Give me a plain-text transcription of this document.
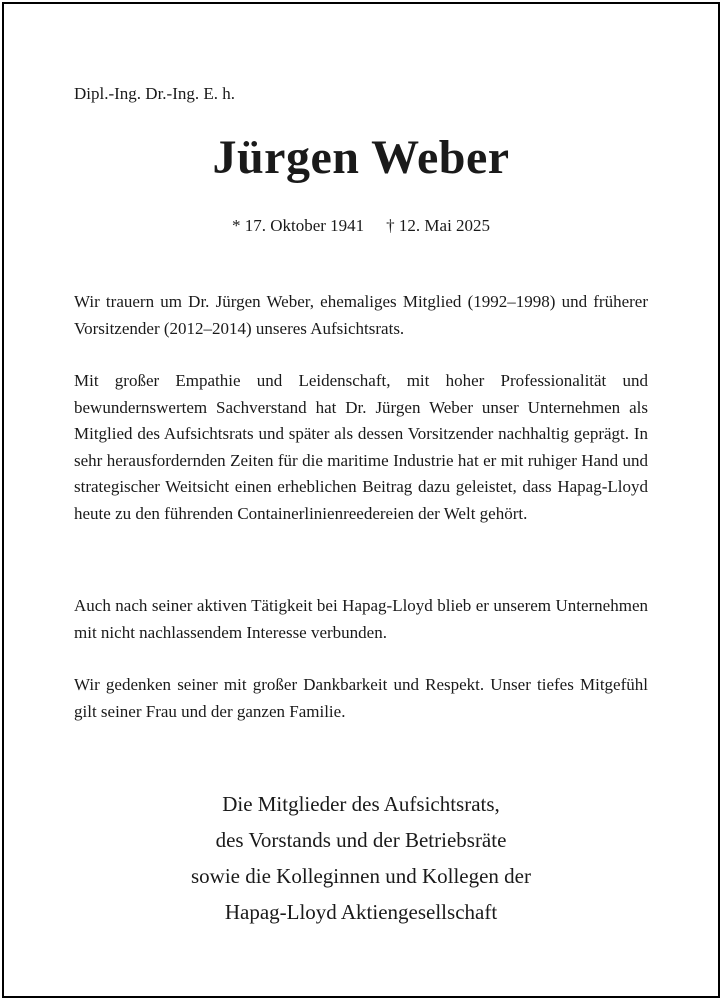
Dipl.-Ing. Dr.-Ing. E. h.
Jürgen Weber
* 17. Oktober 1941 † 12. Mai 2025

Wir trauern um Dr. Jürgen Weber, ehemaliges Mitglied (1992–1998) und früherer Vorsitzender (2012–2014) unseres Aufsichtsrats.

Mit großer Empathie und Leidenschaft, mit hoher Professionalität und bewundernswertem Sachverstand hat Dr. Jürgen Weber unser Unternehmen als Mitglied des Aufsichtsrats und später als dessen Vorsitzender nachhaltig geprägt. In sehr herausfordernden Zeiten für die maritime Industrie hat er mit ruhiger Hand und strategischer Weitsicht einen erheblichen Beitrag dazu geleistet, dass Hapag-Lloyd heute zu den führenden Containerlinienreedereien der Welt gehört.

Auch nach seiner aktiven Tätigkeit bei Hapag-Lloyd blieb er unserem Unternehmen mit nicht nachlassendem Interesse verbunden.

Wir gedenken seiner mit großer Dankbarkeit und Respekt. Unser tiefes Mitgefühl gilt seiner Frau und der ganzen Familie.

Die Mitglieder des Aufsichtsrats,
des Vorstands und der Betriebsräte
sowie die Kolleginnen und Kollegen der
Hapag-Lloyd Aktiengesellschaft
